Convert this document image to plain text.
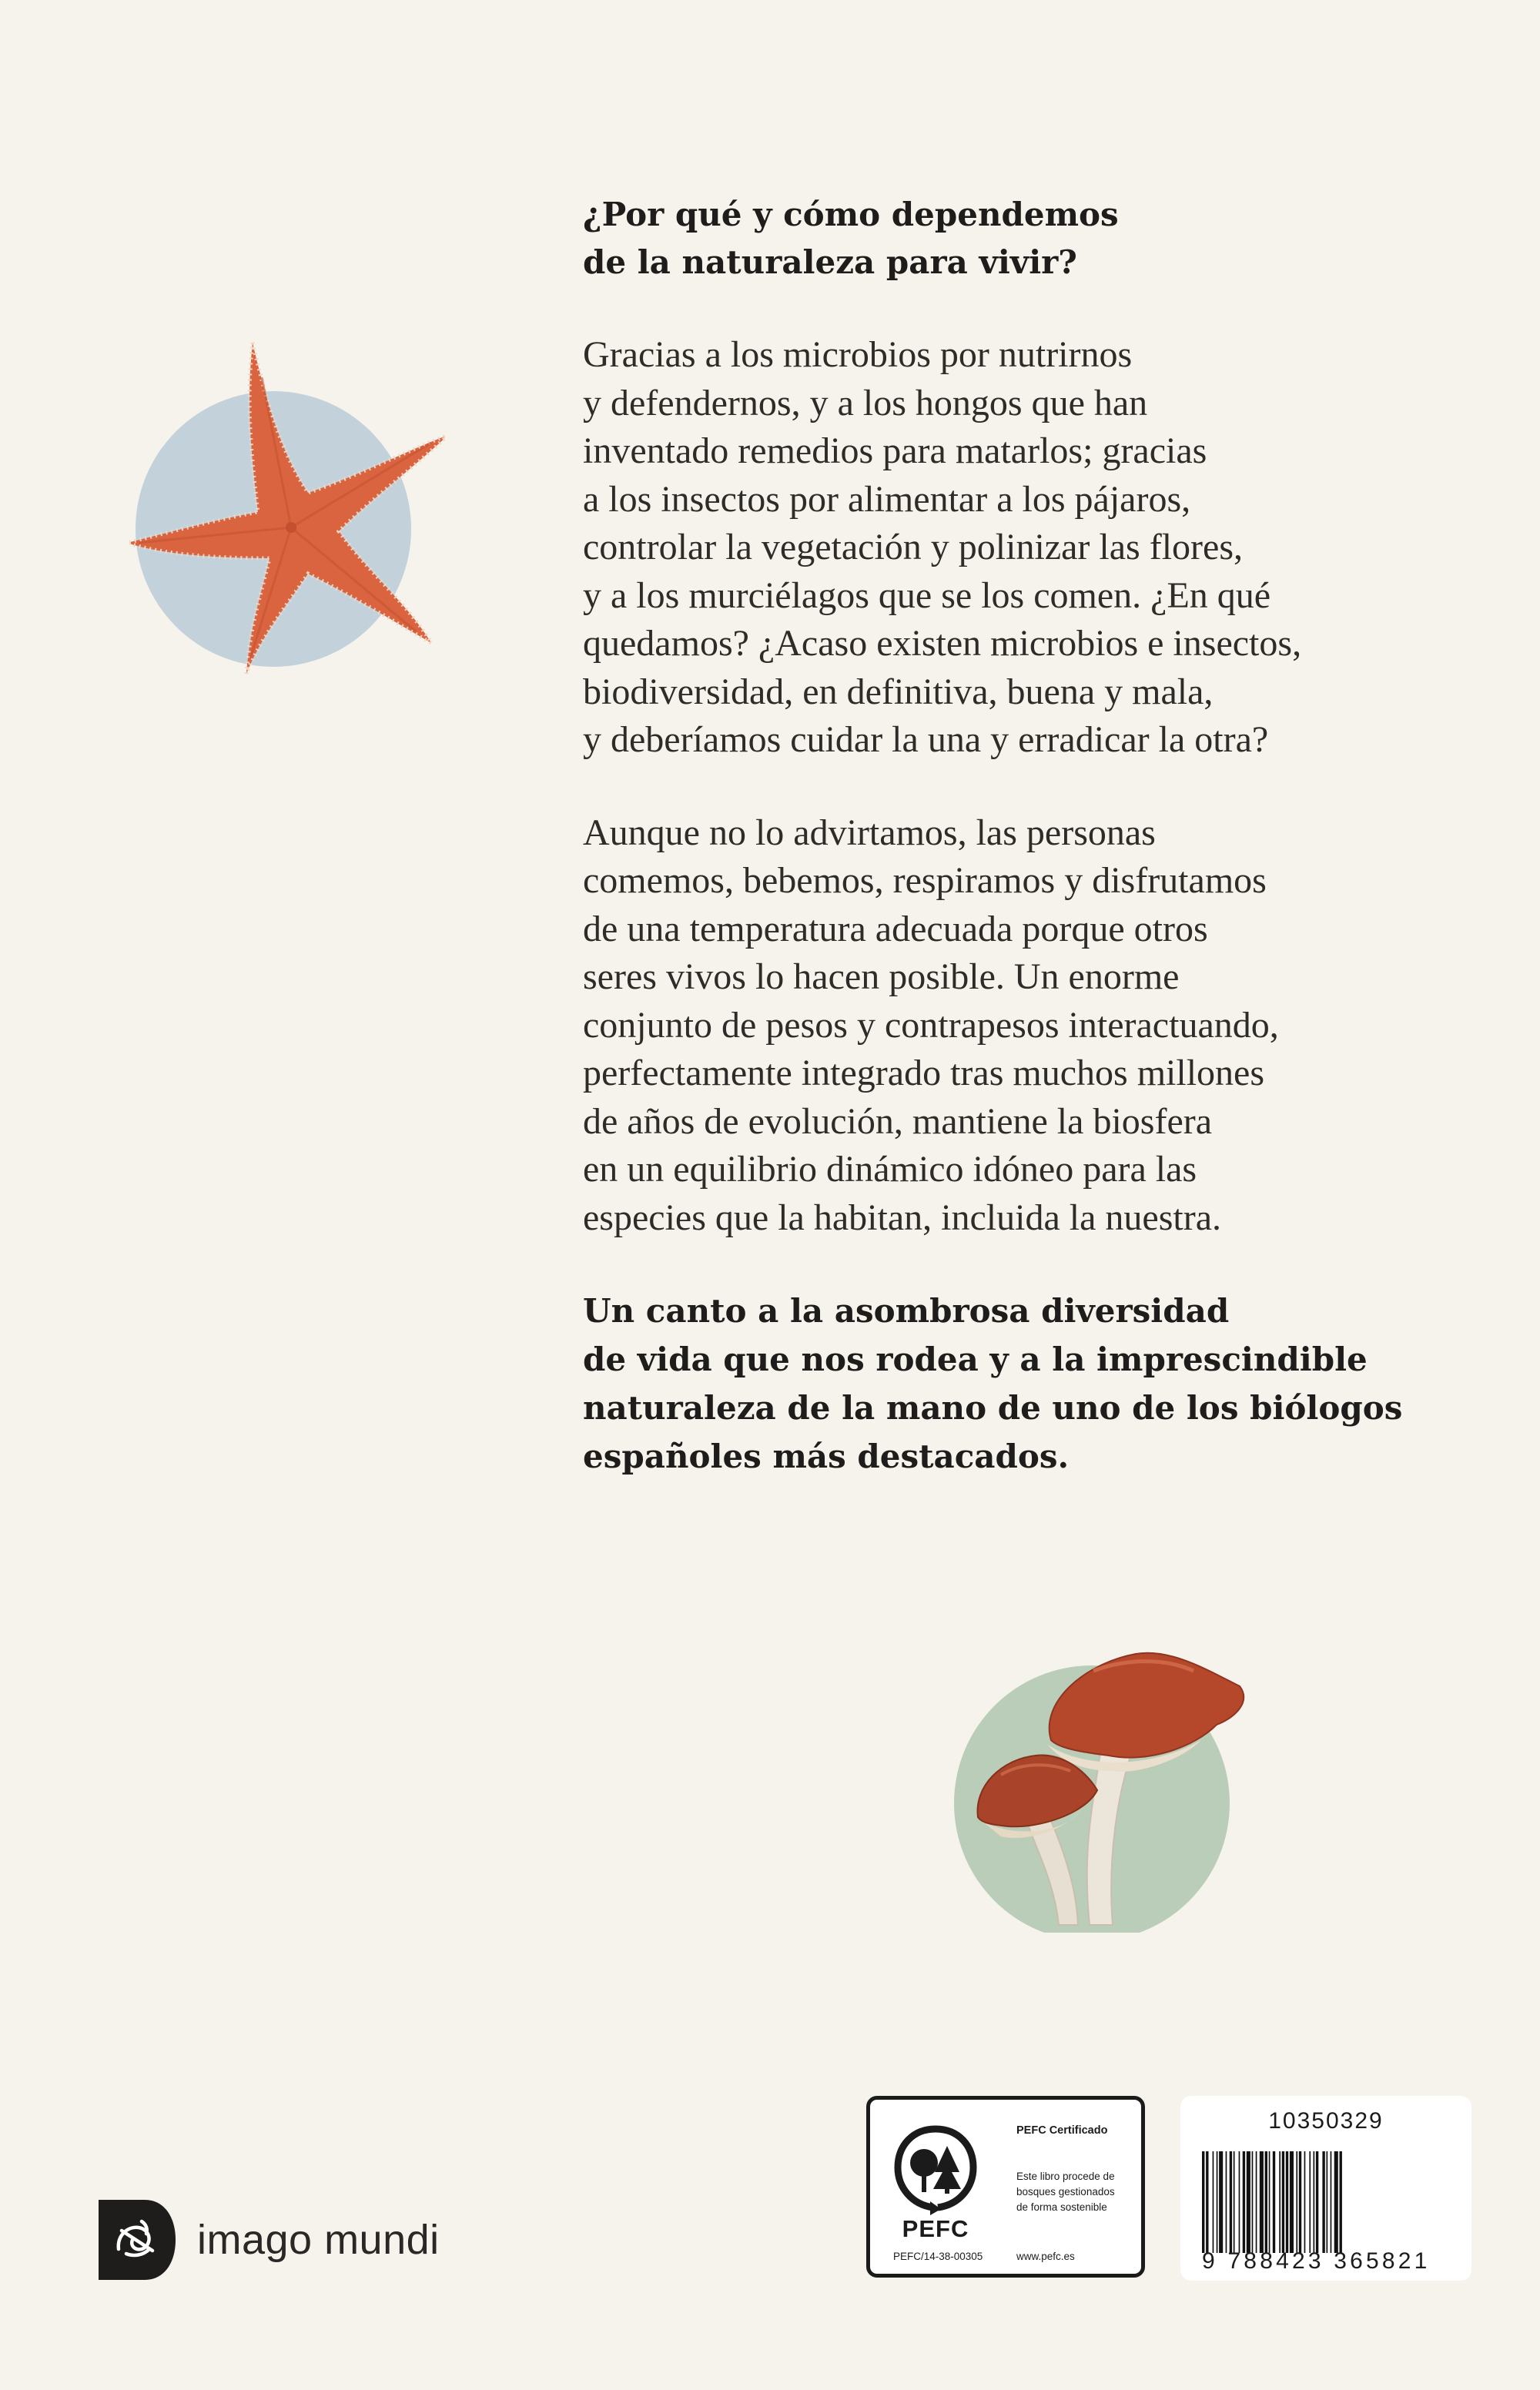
¿Por qué y cómo dependemos
de la naturaleza para vivir?

Gracias a los microbios por nutrirnos
y defendernos, y a los hongos que han
inventado remedios para matarlos; gracias
a los insectos por alimentar a los pájaros,
controlar la vegetación y polinizar las flores,
y a los murciélagos que se los comen. ¿En qué
quedamos? ¿Acaso existen microbios e insectos,
biodiversidad, en definitiva, buena y mala,
y deberíamos cuidar la una y erradicar la otra?

Aunque no lo advirtamos, las personas
comemos, bebemos, respiramos y disfrutamos
de una temperatura adecuada porque otros
seres vivos lo hacen posible. Un enorme
conjunto de pesos y contrapesos interactuando,
perfectamente integrado tras muchos millones
de años de evolución, mantiene la biosfera
en un equilibrio dinámico idóneo para las
especies que la habitan, incluida la nuestra.

Un canto a la asombrosa diversidad
de vida que nos rodea y a la imprescindible
naturaleza de la mano de uno de los biólogos
españoles más destacados.

imago mundi	PEFC
PEFC/14-38-00305
PEFC Certificado
Este libro procede de
bosques gestionados
de forma sostenible
www.pefc.es
10350329
9 788423 365821
